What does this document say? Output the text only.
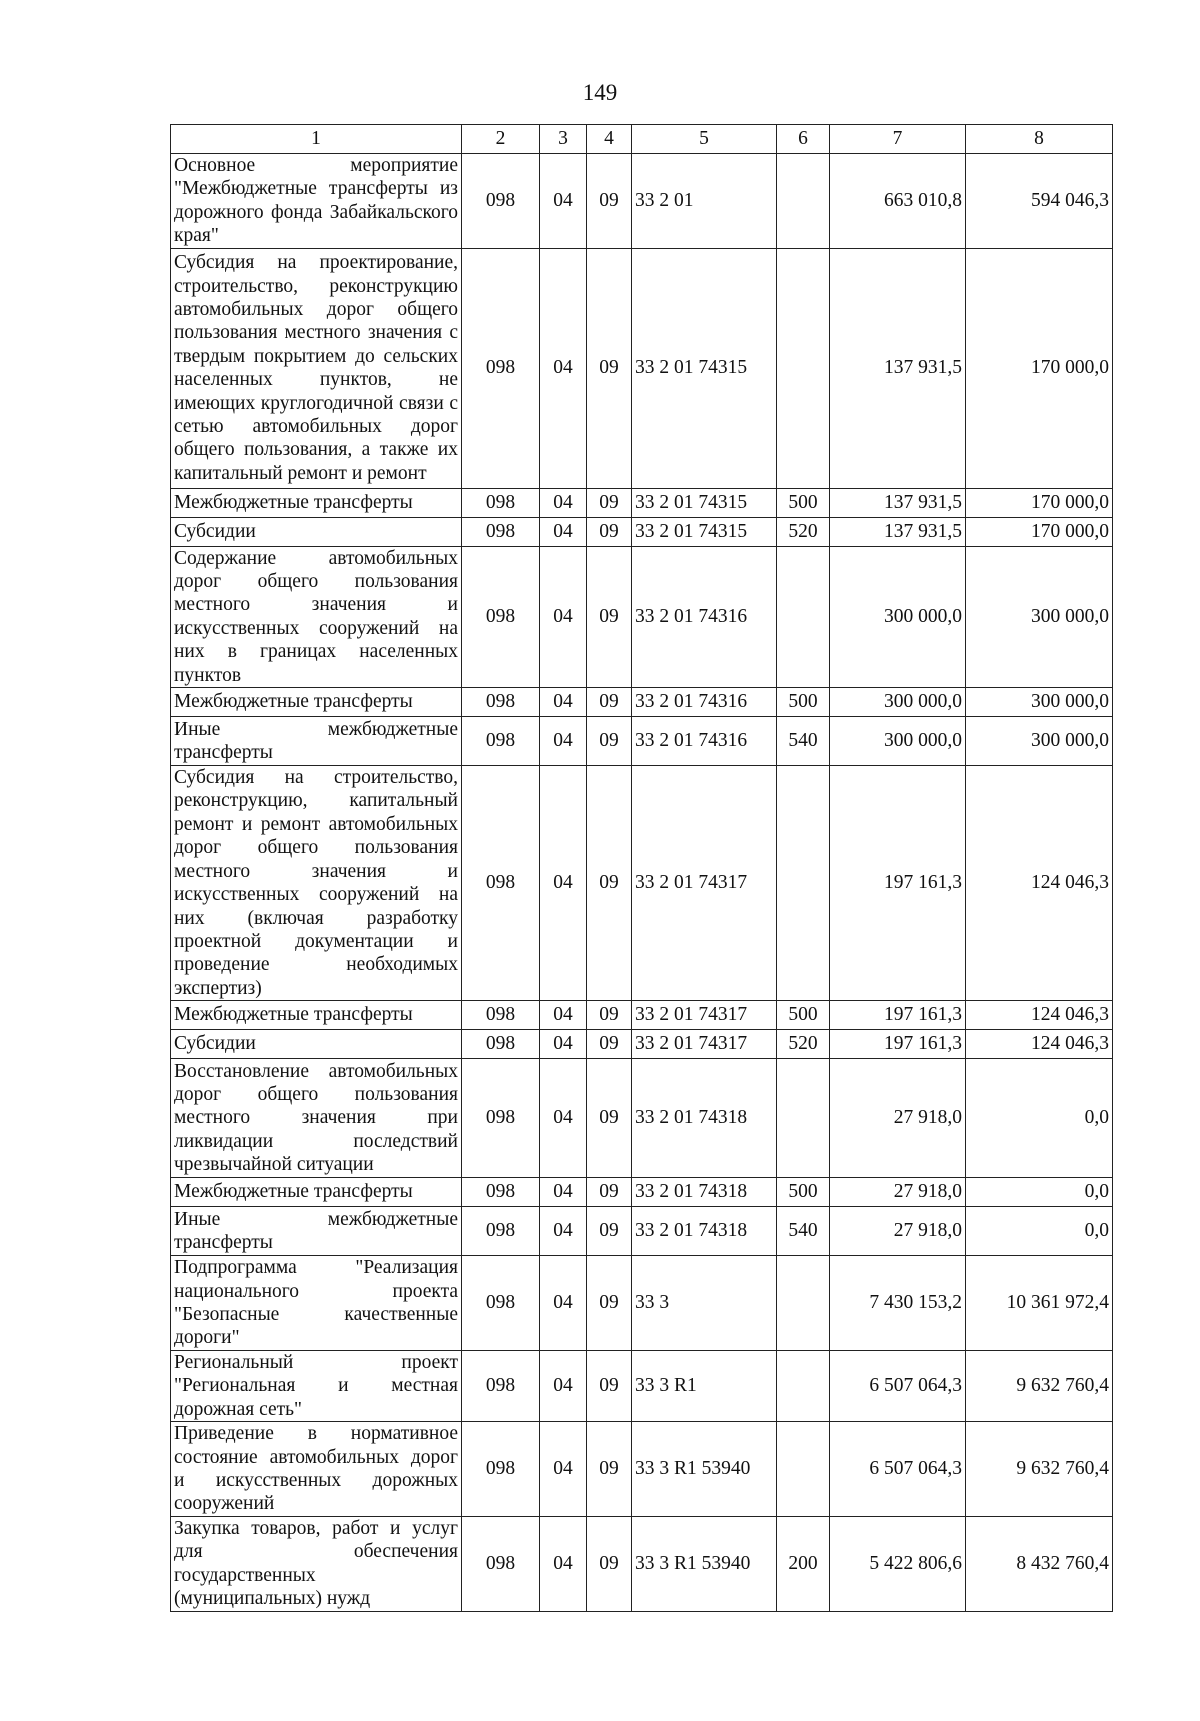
149
1	2	3	4	5	6	7	8
Основное мероприятие "Межбюджетные трансферты из дорожного фонда Забайкальского края"	098	04	09	33 2 01		663 010,8	594 046,3
Субсидия на проектирование, строительство, реконструкцию автомобильных дорог общего пользования местного значения с твердым покрытием до сельских населенных пунктов, не имеющих круглогодичной связи с сетью автомобильных дорог общего пользования, а также их капитальный ремонт и ремонт	098	04	09	33 2 01 74315		137 931,5	170 000,0
Межбюджетные трансферты	098	04	09	33 2 01 74315	500	137 931,5	170 000,0
Субсидии	098	04	09	33 2 01 74315	520	137 931,5	170 000,0
Содержание автомобильных дорог общего пользования местного значения и искусственных сооружений на них в границах населенных пунктов	098	04	09	33 2 01 74316		300 000,0	300 000,0
Межбюджетные трансферты	098	04	09	33 2 01 74316	500	300 000,0	300 000,0
Иные межбюджетные трансферты	098	04	09	33 2 01 74316	540	300 000,0	300 000,0
Субсидия на строительство, реконструкцию, капитальный ремонт и ремонт автомобильных дорог общего пользования местного значения и искусственных сооружений на них (включая разработку проектной документации и проведение необходимых экспертиз)	098	04	09	33 2 01 74317		197 161,3	124 046,3
Межбюджетные трансферты	098	04	09	33 2 01 74317	500	197 161,3	124 046,3
Субсидии	098	04	09	33 2 01 74317	520	197 161,3	124 046,3
Восстановление автомобильных дорог общего пользования местного значения при ликвидации последствий чрезвычайной ситуации	098	04	09	33 2 01 74318		27 918,0	0,0
Межбюджетные трансферты	098	04	09	33 2 01 74318	500	27 918,0	0,0
Иные межбюджетные трансферты	098	04	09	33 2 01 74318	540	27 918,0	0,0
Подпрограмма "Реализация национального проекта "Безопасные качественные дороги"	098	04	09	33 3		7 430 153,2	10 361 972,4
Региональный проект "Региональная и местная дорожная сеть"	098	04	09	33 3 R1		6 507 064,3	9 632 760,4
Приведение в нормативное состояние автомобильных дорог и искусственных дорожных сооружений	098	04	09	33 3 R1 53940		6 507 064,3	9 632 760,4
Закупка товаров, работ и услуг для обеспечения государственных (муниципальных) нужд	098	04	09	33 3 R1 53940	200	5 422 806,6	8 432 760,4
